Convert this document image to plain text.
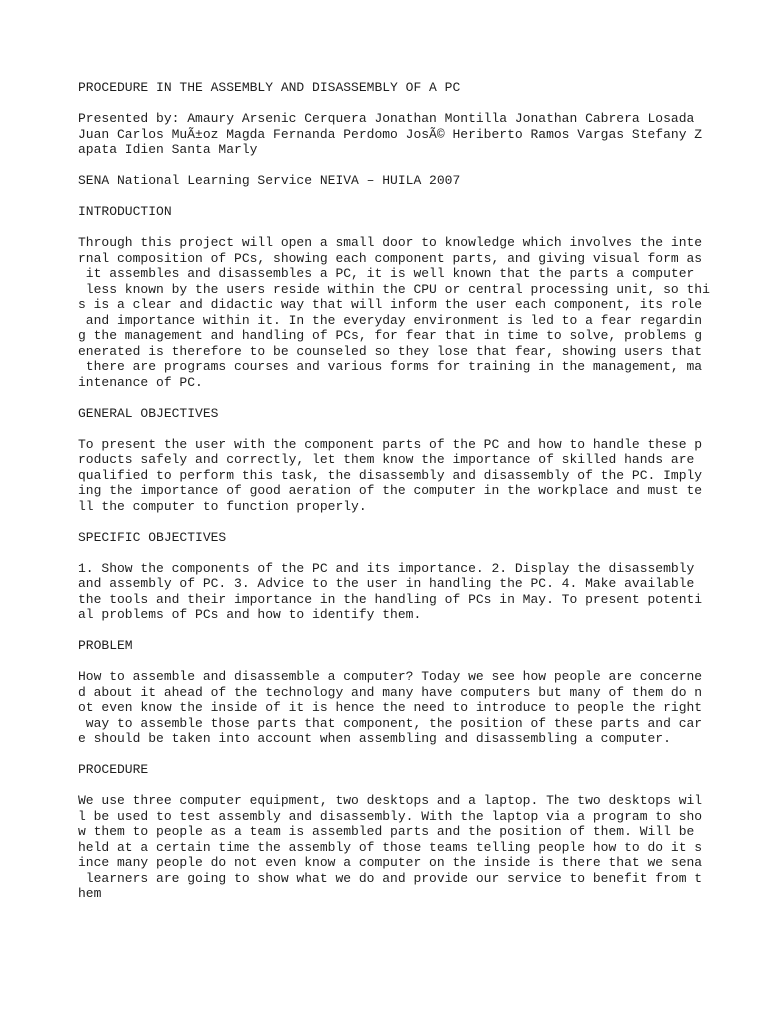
PROCEDURE IN THE ASSEMBLY AND DISASSEMBLY OF A PC
Presented by: Amaury Arsenic Cerquera Jonathan Montilla Jonathan Cabrera Losada
Juan Carlos MuÃ±oz Magda Fernanda Perdomo JosÃ© Heriberto Ramos Vargas Stefany Z
apata Idien Santa Marly
SENA National Learning Service NEIVA – HUILA 2007
INTRODUCTION
Through this project will open a small door to knowledge which involves the inte
rnal composition of PCs, showing each component parts, and giving visual form as
it assembles and disassembles a PC, it is well known that the parts a computer
less known by the users reside within the CPU or central processing unit, so thi
s is a clear and didactic way that will inform the user each component, its role
and importance within it. In the everyday environment is led to a fear regardin
g the management and handling of PCs, for fear that in time to solve, problems g
enerated is therefore to be counseled so they lose that fear, showing users that
there are programs courses and various forms for training in the management, ma
intenance of PC.
GENERAL OBJECTIVES
To present the user with the component parts of the PC and how to handle these p
roducts safely and correctly, let them know the importance of skilled hands are
qualified to perform this task, the disassembly and disassembly of the PC. Imply
ing the importance of good aeration of the computer in the workplace and must te
ll the computer to function properly.
SPECIFIC OBJECTIVES
1. Show the components of the PC and its importance. 2. Display the disassembly
and assembly of PC. 3. Advice to the user in handling the PC. 4. Make available
the tools and their importance in the handling of PCs in May. To present potenti
al problems of PCs and how to identify them.
PROBLEM
How to assemble and disassemble a computer? Today we see how people are concerne
d about it ahead of the technology and many have computers but many of them do n
ot even know the inside of it is hence the need to introduce to people the right
way to assemble those parts that component, the position of these parts and car
e should be taken into account when assembling and disassembling a computer.
PROCEDURE
We use three computer equipment, two desktops and a laptop. The two desktops wil
l be used to test assembly and disassembly. With the laptop via a program to sho
w them to people as a team is assembled parts and the position of them. Will be
held at a certain time the assembly of those teams telling people how to do it s
ince many people do not even know a computer on the inside is there that we sena
learners are going to show what we do and provide our service to benefit from t
hem
